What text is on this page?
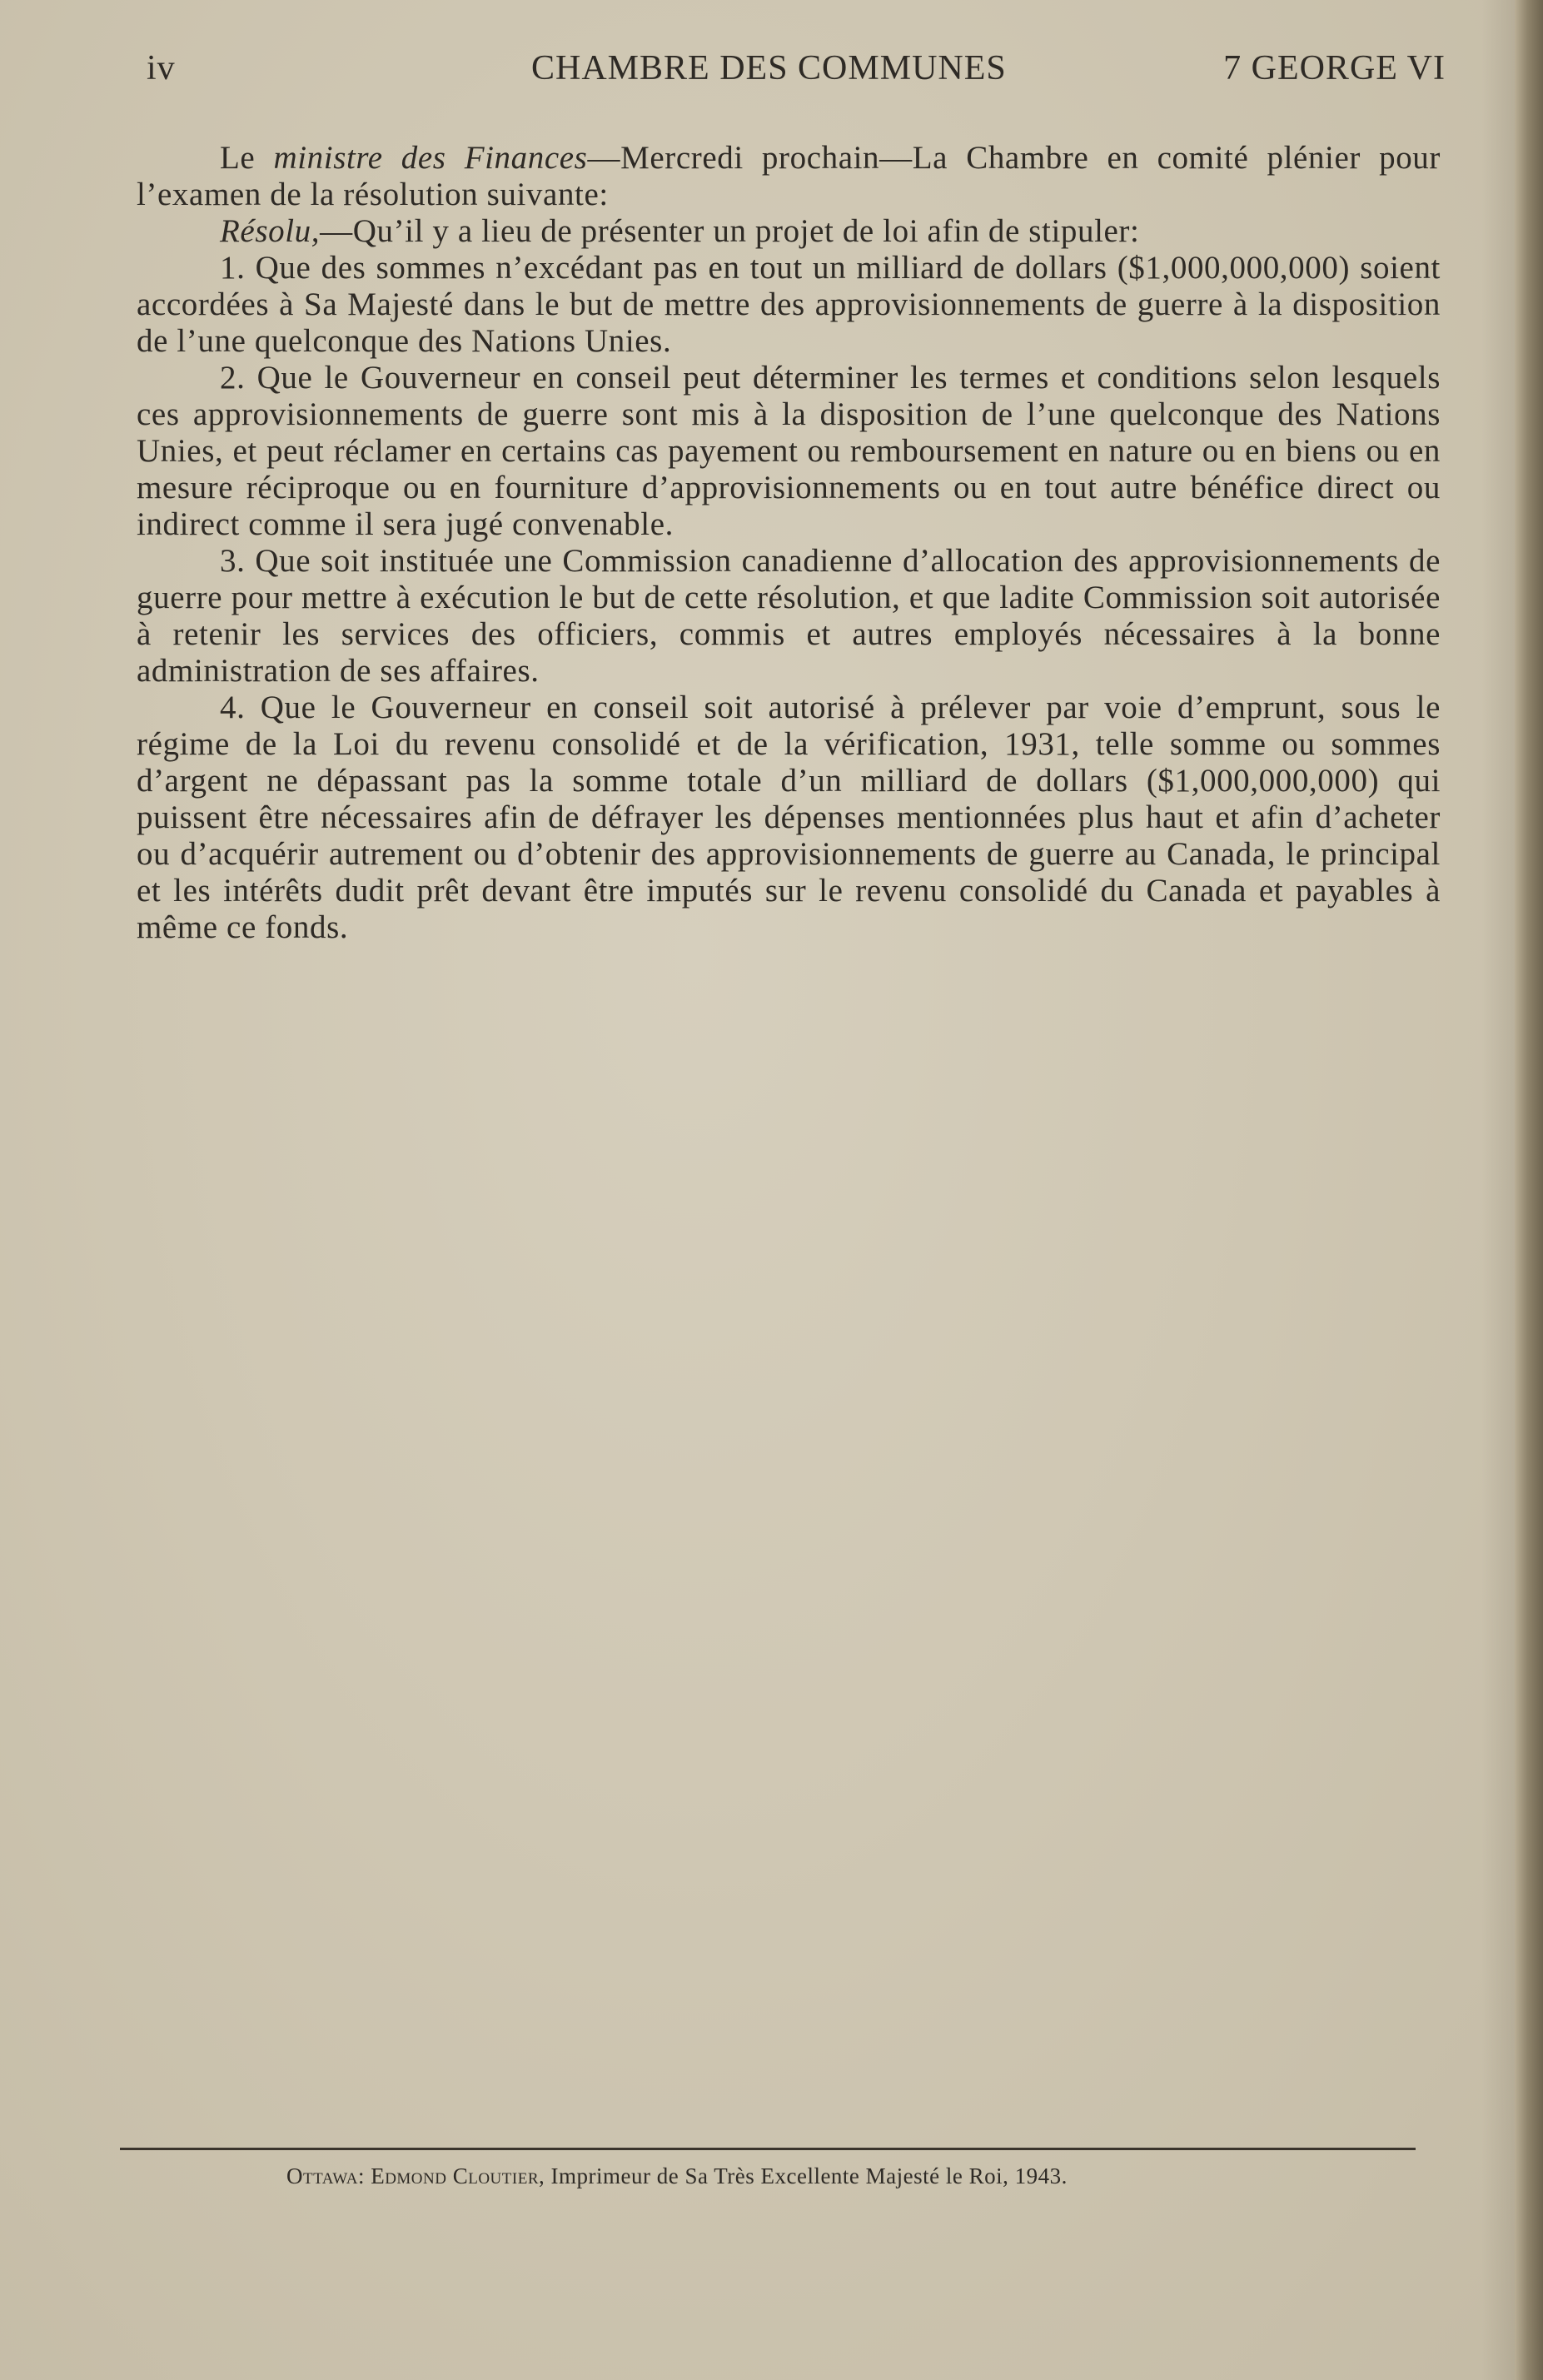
iv	CHAMBRE DES COMMUNES	7 GEORGE VI

Le ministre des Finances—Mercredi prochain—La Chambre en comité plénier pour l’examen de la résolution suivante:

Résolu,—Qu’il y a lieu de présenter un projet de loi afin de stipuler:

1. Que des sommes n’excédant pas en tout un milliard de dollars ($1,000,000,000) soient accordées à Sa Majesté dans le but de mettre des approvisionnements de guerre à la disposition de l’une quelconque des Nations Unies.

2. Que le Gouverneur en conseil peut déterminer les termes et conditions selon lesquels ces approvisionnements de guerre sont mis à la disposition de l’une quelconque des Nations Unies, et peut réclamer en certains cas payement ou remboursement en nature ou en biens ou en mesure réciproque ou en fourniture d’approvisionnements ou en tout autre bénéfice direct ou indirect comme il sera jugé convenable.

3. Que soit instituée une Commission canadienne d’allocation des approvisionnements de guerre pour mettre à exécution le but de cette résolution, et que ladite Commission soit autorisée à retenir les services des officiers, commis et autres employés nécessaires à la bonne administration de ses affaires.

4. Que le Gouverneur en conseil soit autorisé à prélever par voie d’emprunt, sous le régime de la Loi du revenu consolidé et de la vérification, 1931, telle somme ou sommes d’argent ne dépassant pas la somme totale d’un milliard de dollars ($1,000,000,000) qui puissent être nécessaires afin de défrayer les dépenses mentionnées plus haut et afin d’acheter ou d’acquérir autrement ou d’obtenir des approvisionnements de guerre au Canada, le principal et les intérêts dudit prêt devant être imputés sur le revenu consolidé du Canada et payables à même ce fonds.

Ottawa: Edmond Cloutier, Imprimeur de Sa Très Excellente Majesté le Roi, 1943.
